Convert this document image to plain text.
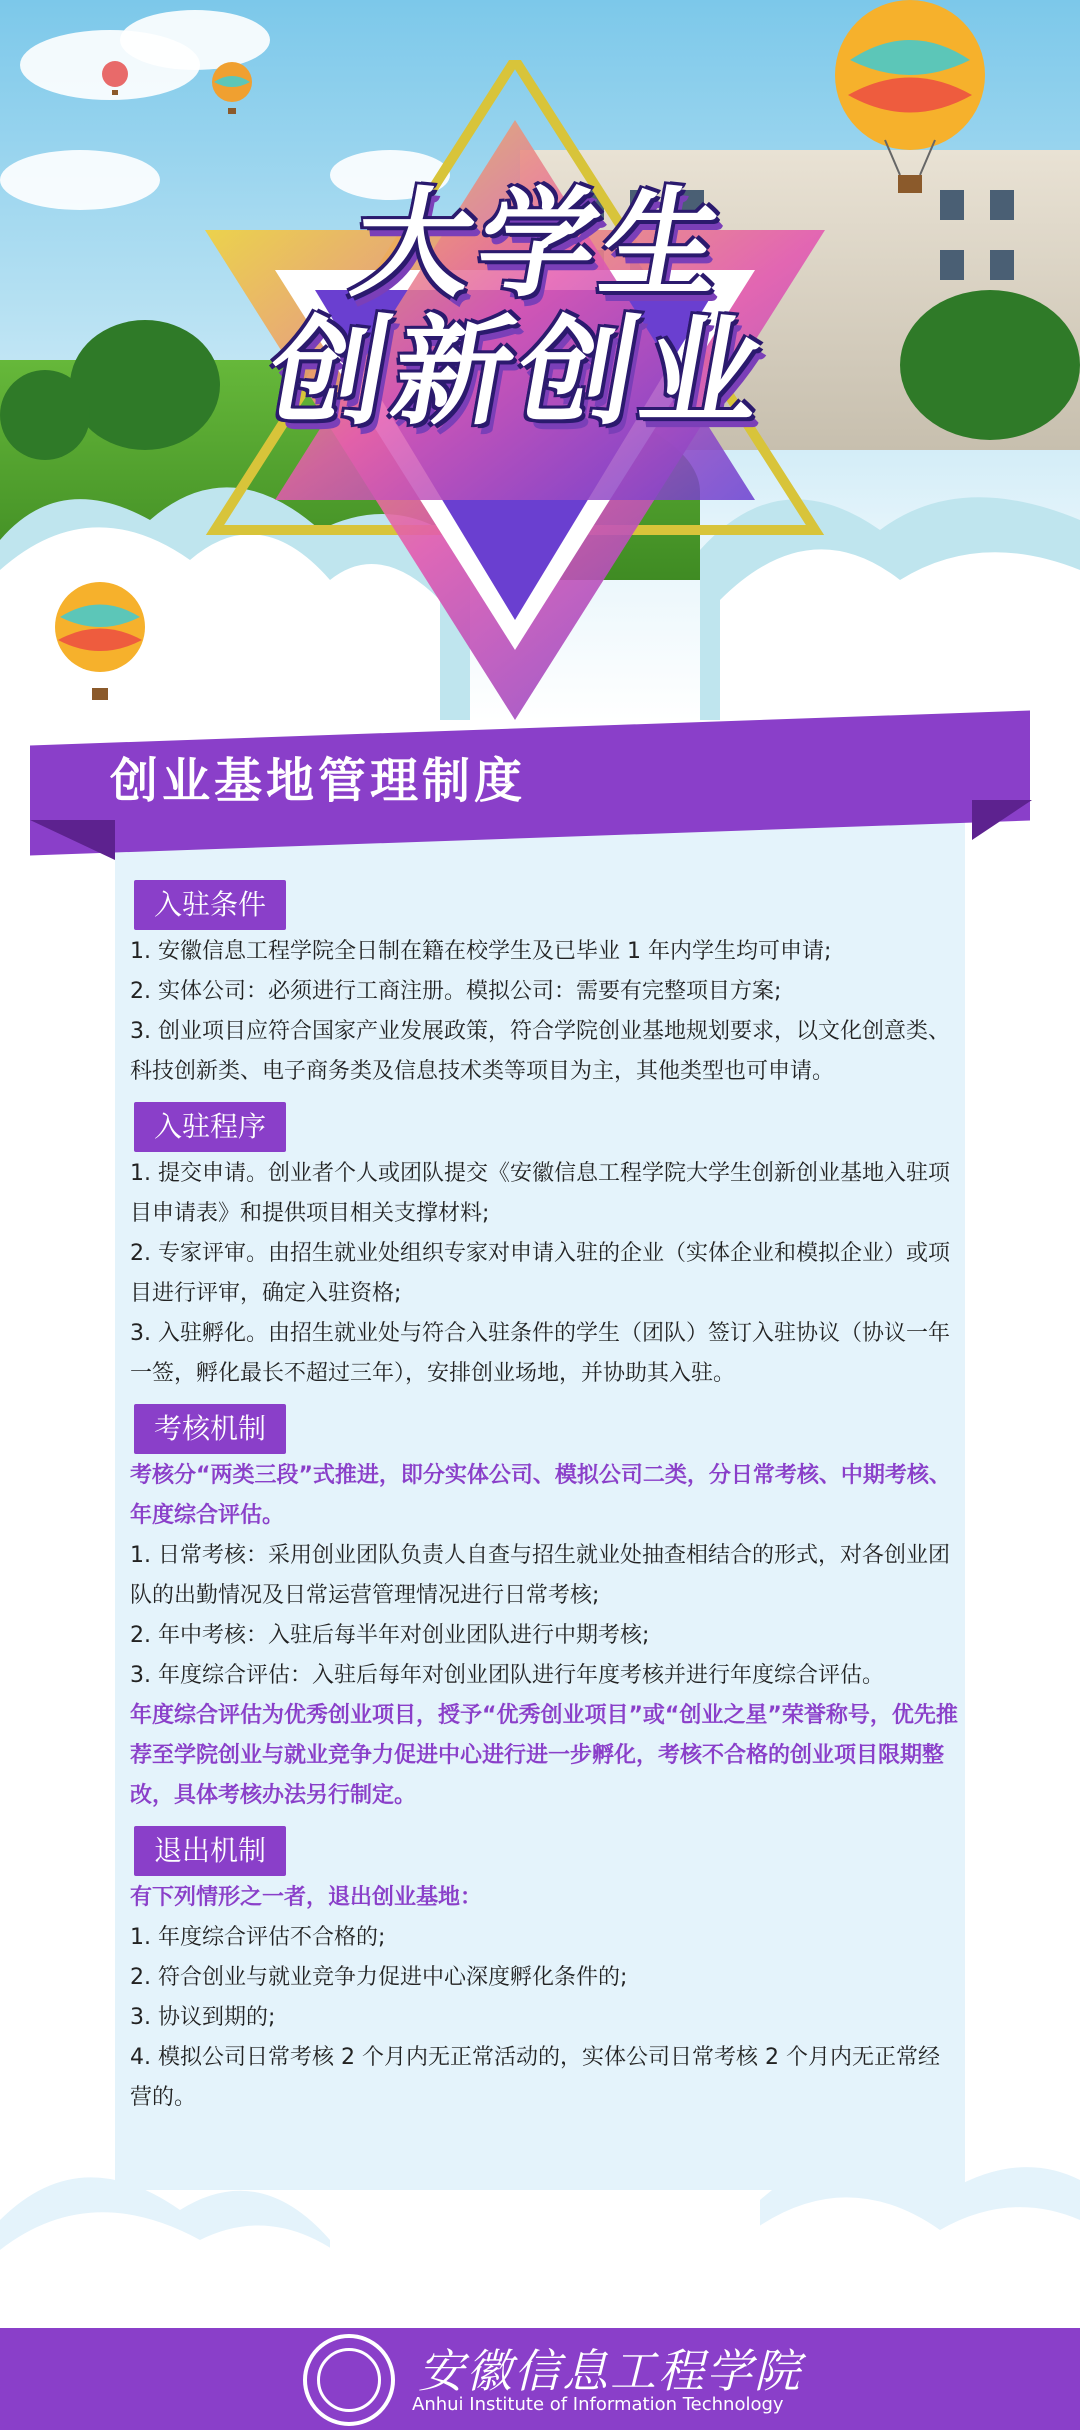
大学生
创新创业
创业基地管理制度
入驻条件
1. 安徽信息工程学院全日制在籍在校学生及已毕业 1 年内学生均可申请;
2. 实体公司：必须进行工商注册。模拟公司：需要有完整项目方案;
3. 创业项目应符合国家产业发展政策，符合学院创业基地规划要求，以文化创意类、科技创新类、电子商务类及信息技术类等项目为主，其他类型也可申请。
入驻程序
1. 提交申请。创业者个人或团队提交《安徽信息工程学院大学生创新创业基地入驻项目申请表》和提供项目相关支撑材料;
2. 专家评审。由招生就业处组织专家对申请入驻的企业（实体企业和模拟企业）或项目进行评审，确定入驻资格;
3. 入驻孵化。由招生就业处与符合入驻条件的学生（团队）签订入驻协议（协议一年一签，孵化最长不超过三年），安排创业场地，并协助其入驻。
考核机制
考核分“两类三段”式推进，即分实体公司、模拟公司二类，分日常考核、中期考核、年度综合评估。
1. 日常考核：采用创业团队负责人自查与招生就业处抽查相结合的形式，对各创业团队的出勤情况及日常运营管理情况进行日常考核;
2. 年中考核：入驻后每半年对创业团队进行中期考核;
3. 年度综合评估：入驻后每年对创业团队进行年度考核并进行年度综合评估。
年度综合评估为优秀创业项目，授予“优秀创业项目”或“创业之星”荣誉称号，优先推荐至学院创业与就业竞争力促进中心进行进一步孵化，考核不合格的创业项目限期整改，具体考核办法另行制定。
退出机制
有下列情形之一者，退出创业基地：
1. 年度综合评估不合格的;
2. 符合创业与就业竞争力促进中心深度孵化条件的;
3. 协议到期的;
4. 模拟公司日常考核 2 个月内无正常活动的，实体公司日常考核 2 个月内无正常经营的。
安徽信息工程学院
Anhui Institute of Information Technology
